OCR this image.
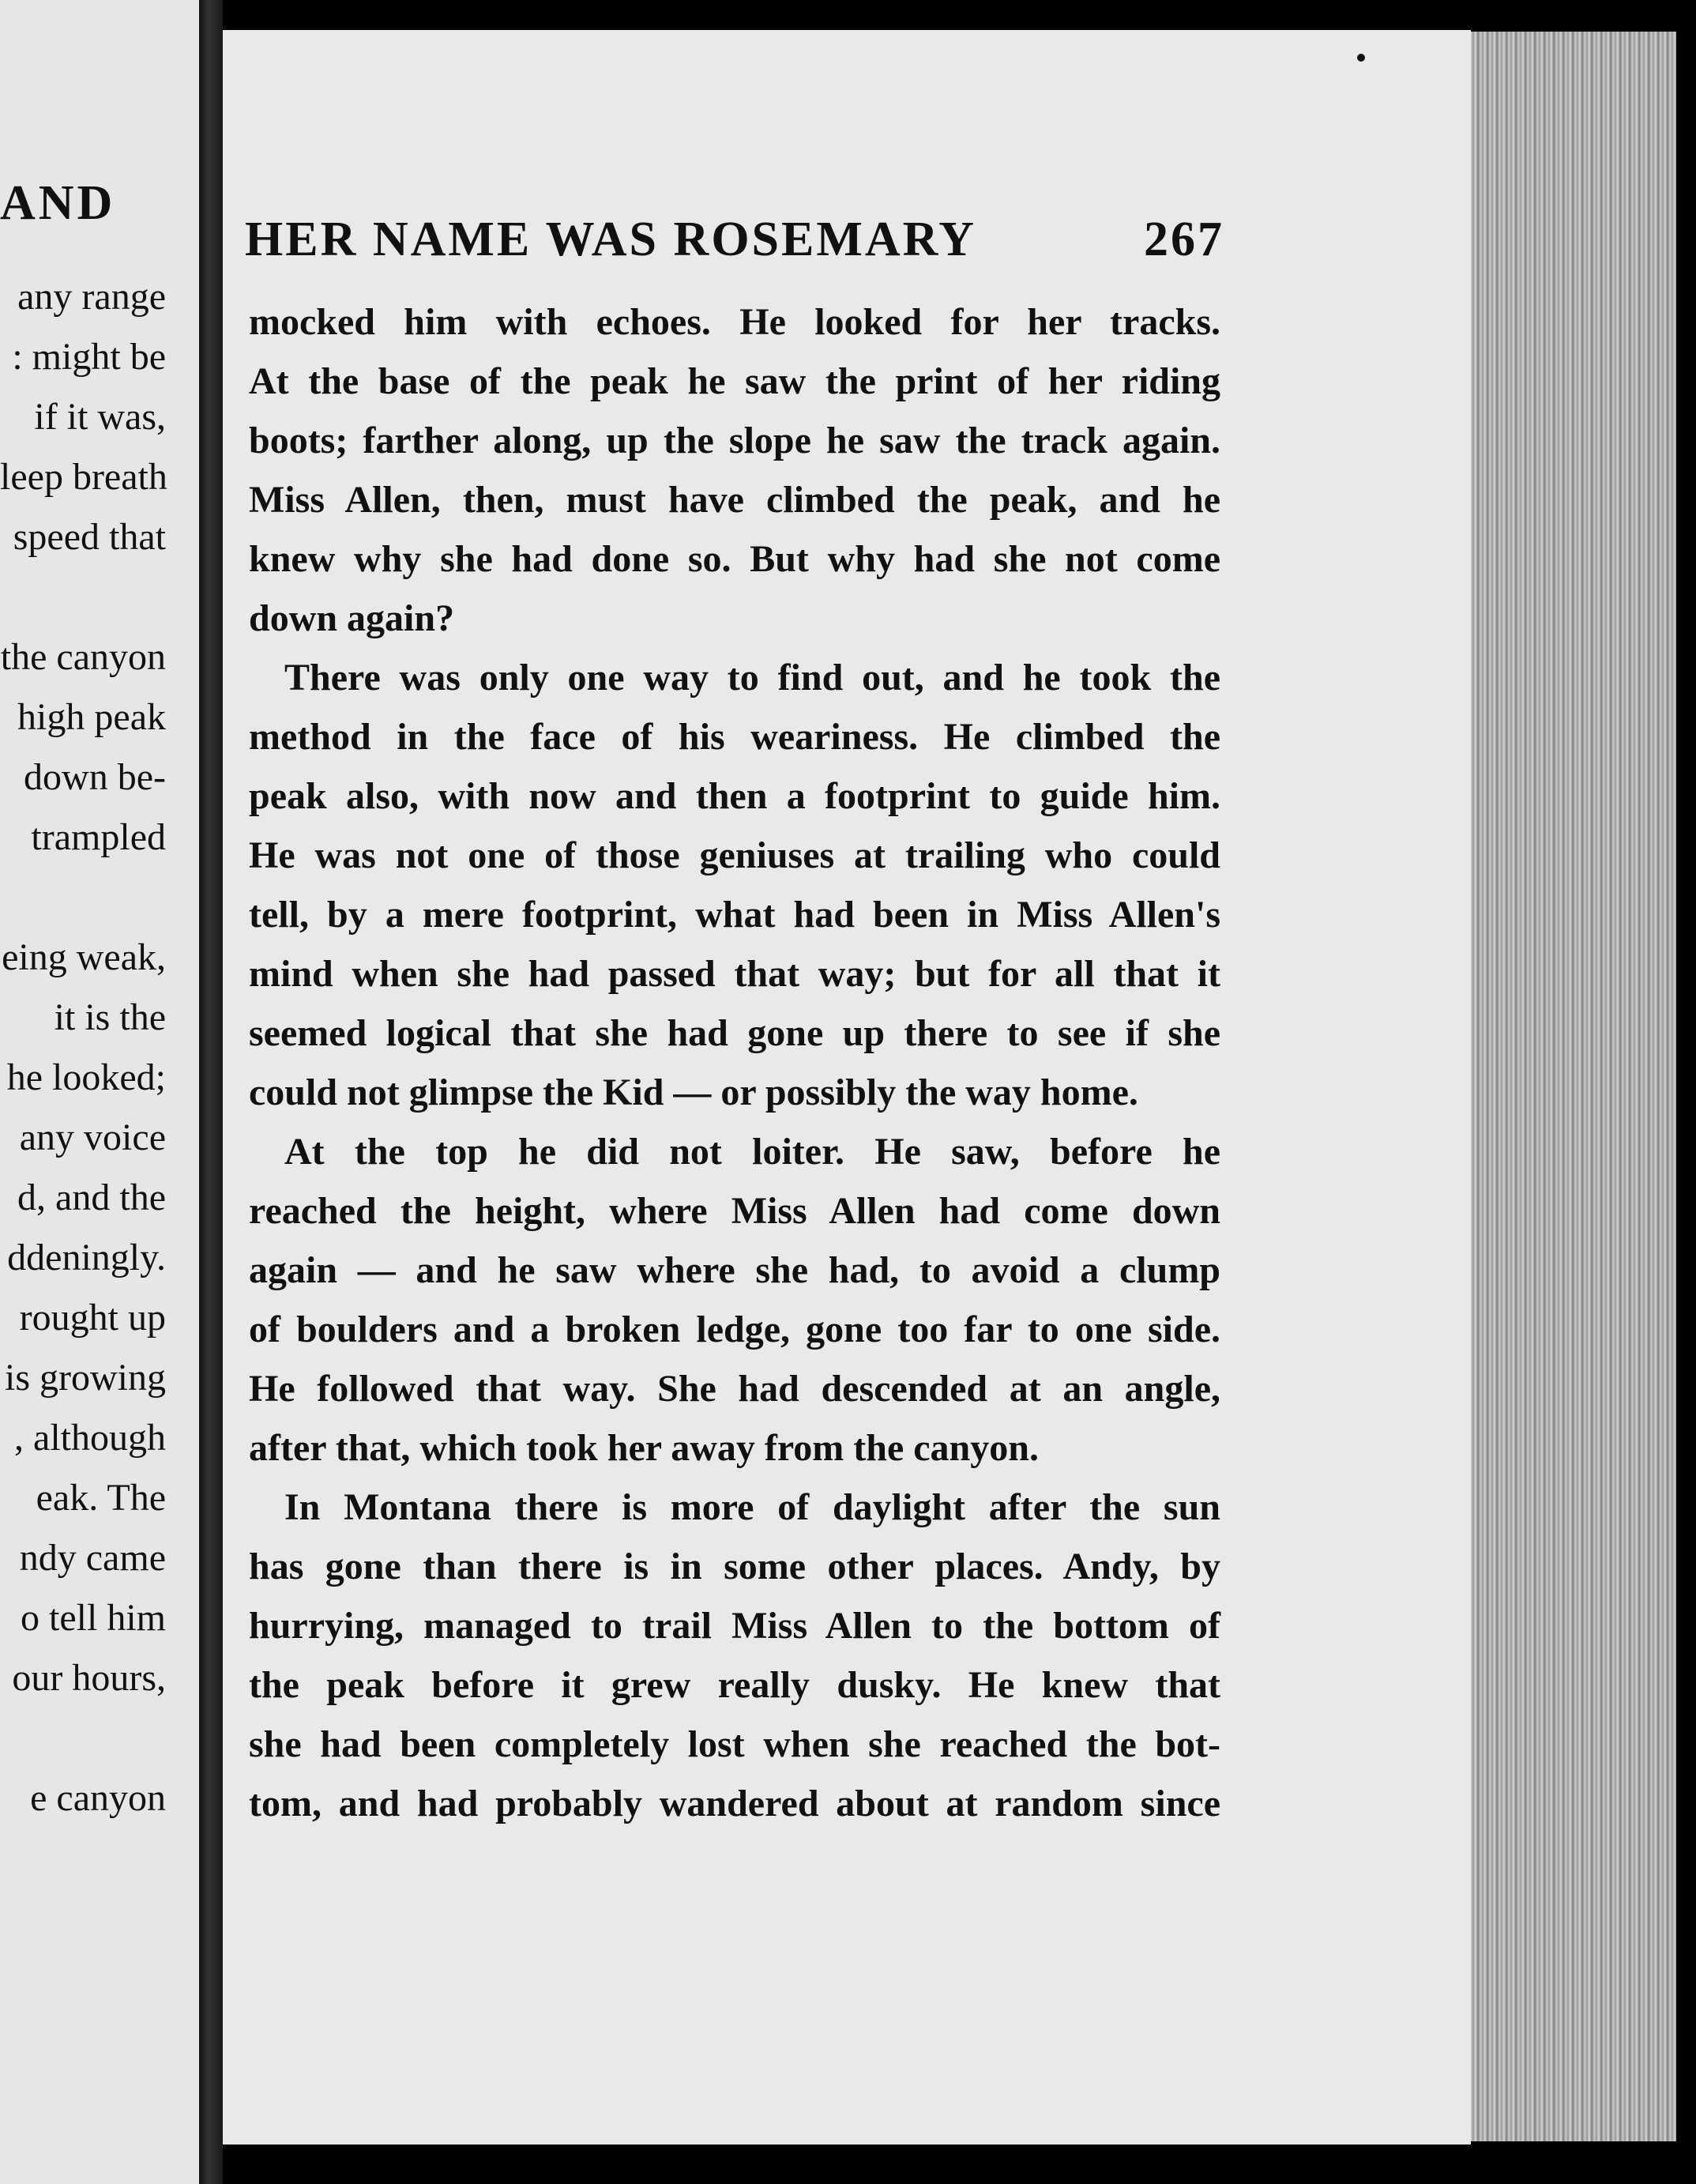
AND
any range
: might be
if it was,
leep breath
speed that
the canyon
high peak
down be-
trampled
eing weak,
it is the
he looked;
any voice
d, and the
ddeningly.
rought up
is growing
, although
eak. The
ndy came
o tell him
our hours,
e canyon
HER NAME WAS ROSEMARY	267
mocked him with echoes. He looked for her tracks.
At the base of the peak he saw the print of her riding
boots; farther along, up the slope he saw the track again.
Miss Allen, then, must have climbed the peak, and he
knew why she had done so. But why had she not come
down again?
There was only one way to find out, and he took the
method in the face of his weariness. He climbed the
peak also, with now and then a footprint to guide him.
He was not one of those geniuses at trailing who could
tell, by a mere footprint, what had been in Miss Allen's
mind when she had passed that way; but for all that it
seemed logical that she had gone up there to see if she
could not glimpse the Kid — or possibly the way home.
At the top he did not loiter. He saw, before he
reached the height, where Miss Allen had come down
again — and he saw where she had, to avoid a clump
of boulders and a broken ledge, gone too far to one side.
He followed that way. She had descended at an angle,
after that, which took her away from the canyon.
In Montana there is more of daylight after the sun
has gone than there is in some other places. Andy, by
hurrying, managed to trail Miss Allen to the bottom of
the peak before it grew really dusky. He knew that
she had been completely lost when she reached the bot-
tom, and had probably wandered about at random since
